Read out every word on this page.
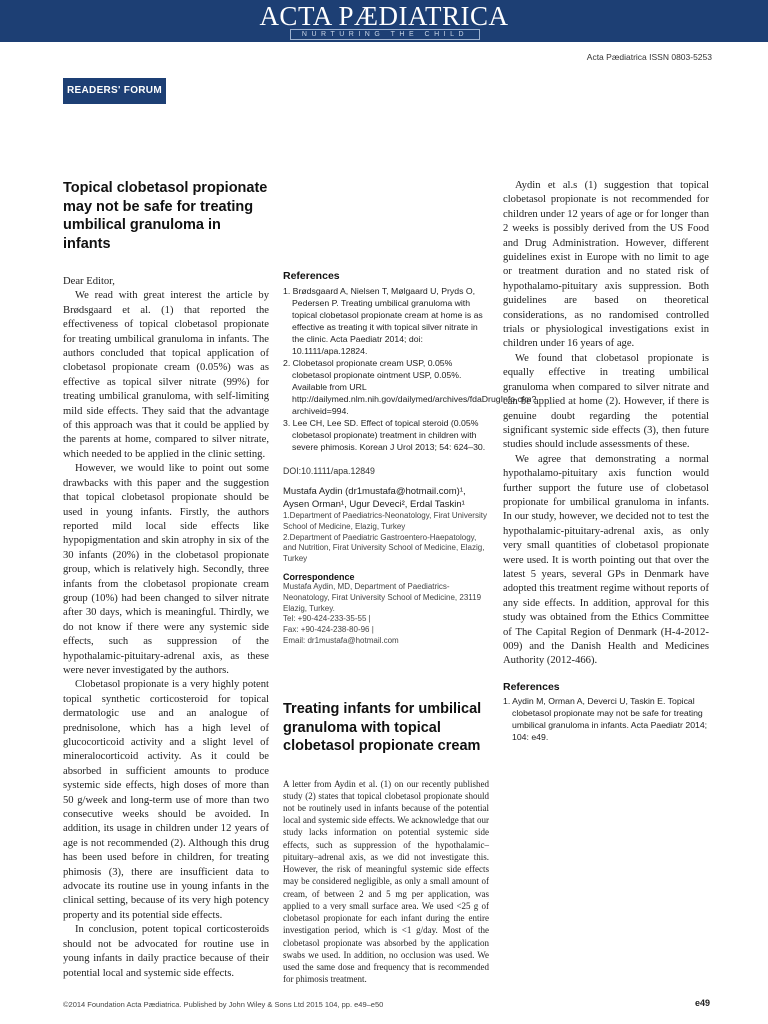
ACTA PÆDIATRICA
NURTURING THE CHILD
Acta Pædiatrica ISSN 0803-5253
READERS' FORUM
Topical clobetasol propionate may not be safe for treating umbilical granuloma in infants

Dear Editor,

We read with great interest the article by Brødsgaard et al. (1) that reported the effectiveness of topical clobetasol propionate for treating umbilical granuloma in infants. The authors concluded that topical application of clobetasol propionate cream (0.05%) was as effective as topical silver nitrate (99%) for treating umbilical granuloma, with self-limiting mild side effects. They said that the advantage of this approach was that it could be applied by the parents at home, compared to silver nitrate, which needed to be applied in the clinic setting.

However, we would like to point out some drawbacks with this paper and the suggestion that topical clobetasol propionate should be used in young infants. Firstly, the authors reported mild local side effects like hypopigmentation and skin atrophy in six of the 30 infants (20%) in the clobetasol propionate group, which is relatively high. Secondly, three infants from the clobetasol propionate cream group (10%) had been changed to silver nitrate after 30 days, which is meaningful. Thirdly, we do not know if there were any systemic side effects, such as suppression of the hypothalamic-pituitary-adrenal axis, as these were never investigated by the authors.

Clobetasol propionate is a very highly potent topical synthetic corticosteroid for topical dermatologic use and an analogue of prednisolone, which has a high level of glucocorticoid activity and a slight level of mineralocorticoid activity. As it could be absorbed in sufficient amounts to produce systemic side effects, high doses of more than 50 g/week and long-term use of more than two consecutive weeks should be avoided. In addition, its usage in children under 12 years of age is not recommended (2). Although this drug has been used before in children, for treating phimosis (3), there are insufficient data to advocate its routine use in young infants in the clinical setting, because of its very high potency property and its potential side effects.

In conclusion, potent topical corticosteroids should not be advocated for routine use in young infants in daily practice because of their potential local and systemic side effects.

Treating infants for umbilical granuloma with topical clobetasol propionate cream

A letter from Aydin et al. (1) on our recently published study (2) states that topical clobetasol propionate should not be routinely used in infants because of the potential local and systemic side effects. We acknowledge that our study lacks information on potential systemic side effects, such as suppression of the hypothalamic–pituitary–adrenal axis, as we did not investigate this. However, the risk of meaningful systemic side effects may be considered negligible, as only a small amount of cream, of between 2 and 5 mg per application, was applied to a very small surface area. We used <25 g of clobetasol propionate for each infant during the entire investigation period, which is <1 g/day. Most of the clobetasol propionate was absorbed by the application swabs we used. In addition, no occlusion was used. We used the same dose and frequency that is recommended for phimosis treatment.

References
1. Brødsgaard A, Nielsen T, Mølgaard U, Pryds O, Pedersen P. Treating umbilical granuloma with topical clobetasol propionate cream at home is as effective as treating it with topical silver nitrate in the clinic. Acta Paediatr 2014; doi: 10.1111/apa.12824.
2. Clobetasol propionate cream USP, 0.05% clobetasol propionate ointment USP, 0.05%. Available from URL http://dailymed.nlm.nih.gov/dailymed/archives/fdaDrugInfo.cfm?archiveid=994.
3. Lee CH, Lee SD. Effect of topical steroid (0.05% clobetasol propionate) treatment in children with severe phimosis. Korean J Urol 2013; 54: 624–30.
DOI:10.1111/apa.12849
Mustafa Aydin (dr1mustafa@hotmail.com)¹, Aysen Orman¹, Ugur Deveci², Erdal Taskin¹
1.Department of Paediatrics-Neonatology, Firat University School of Medicine, Elazig, Turkey
2.Department of Paediatric Gastroentero-Haepatology, and Nutrition, Firat University School of Medicine, Elazig, Turkey
Correspondence
Mustafa Aydin, MD, Department of Paediatrics-Neonatology, Firat University School of Medicine, 23119 Elazig, Turkey.
Tel: +90-424-233-35-55 |
Fax: +90-424-238-80-96 |
Email: dr1mustafa@hotmail.com

Aydin et al.s (1) suggestion that topical clobetasol propionate is not recommended for children under 12 years of age or for longer than 2 weeks is possibly derived from the US Food and Drug Administration. However, different guidelines exist in Europe with no limit to age or treatment duration and no stated risk of hypothalamo-pituitary axis suppression. Both guidelines are based on theoretical considerations, as no randomised controlled trials or physiological investigations exist in children under 16 years of age.

We found that clobetasol propionate is equally effective in treating umbilical granuloma when compared to silver nitrate and can be applied at home (2). However, if there is genuine doubt regarding the potential significant systemic side effects (3), then future studies should include assessments of these.

We agree that demonstrating a normal hypothalamo-pituitary axis function would further support the future use of clobetasol propionate for umbilical granuloma in infants. In our study, however, we decided not to test the hypothalamic-pituitary-adrenal axis, as only very small quantities of clobetasol propionate were used. It is worth pointing out that over the latest 5 years, several GPs in Denmark have adopted this treatment regime without reports of any side effects. In addition, approval for this study was obtained from the Ethics Committee of The Capital Region of Denmark (H-4-2012-009) and the Danish Health and Medicines Authority (2012-466).

References
1. Aydin M, Orman A, Deverci U, Taskin E. Topical clobetasol propionate may not be safe for treating umbilical granuloma in infants. Acta Paediatr 2014; 104: e49.
©2014 Foundation Acta Pædiatrica. Published by John Wiley & Sons Ltd 2015 104, pp. e49–e50	e49
